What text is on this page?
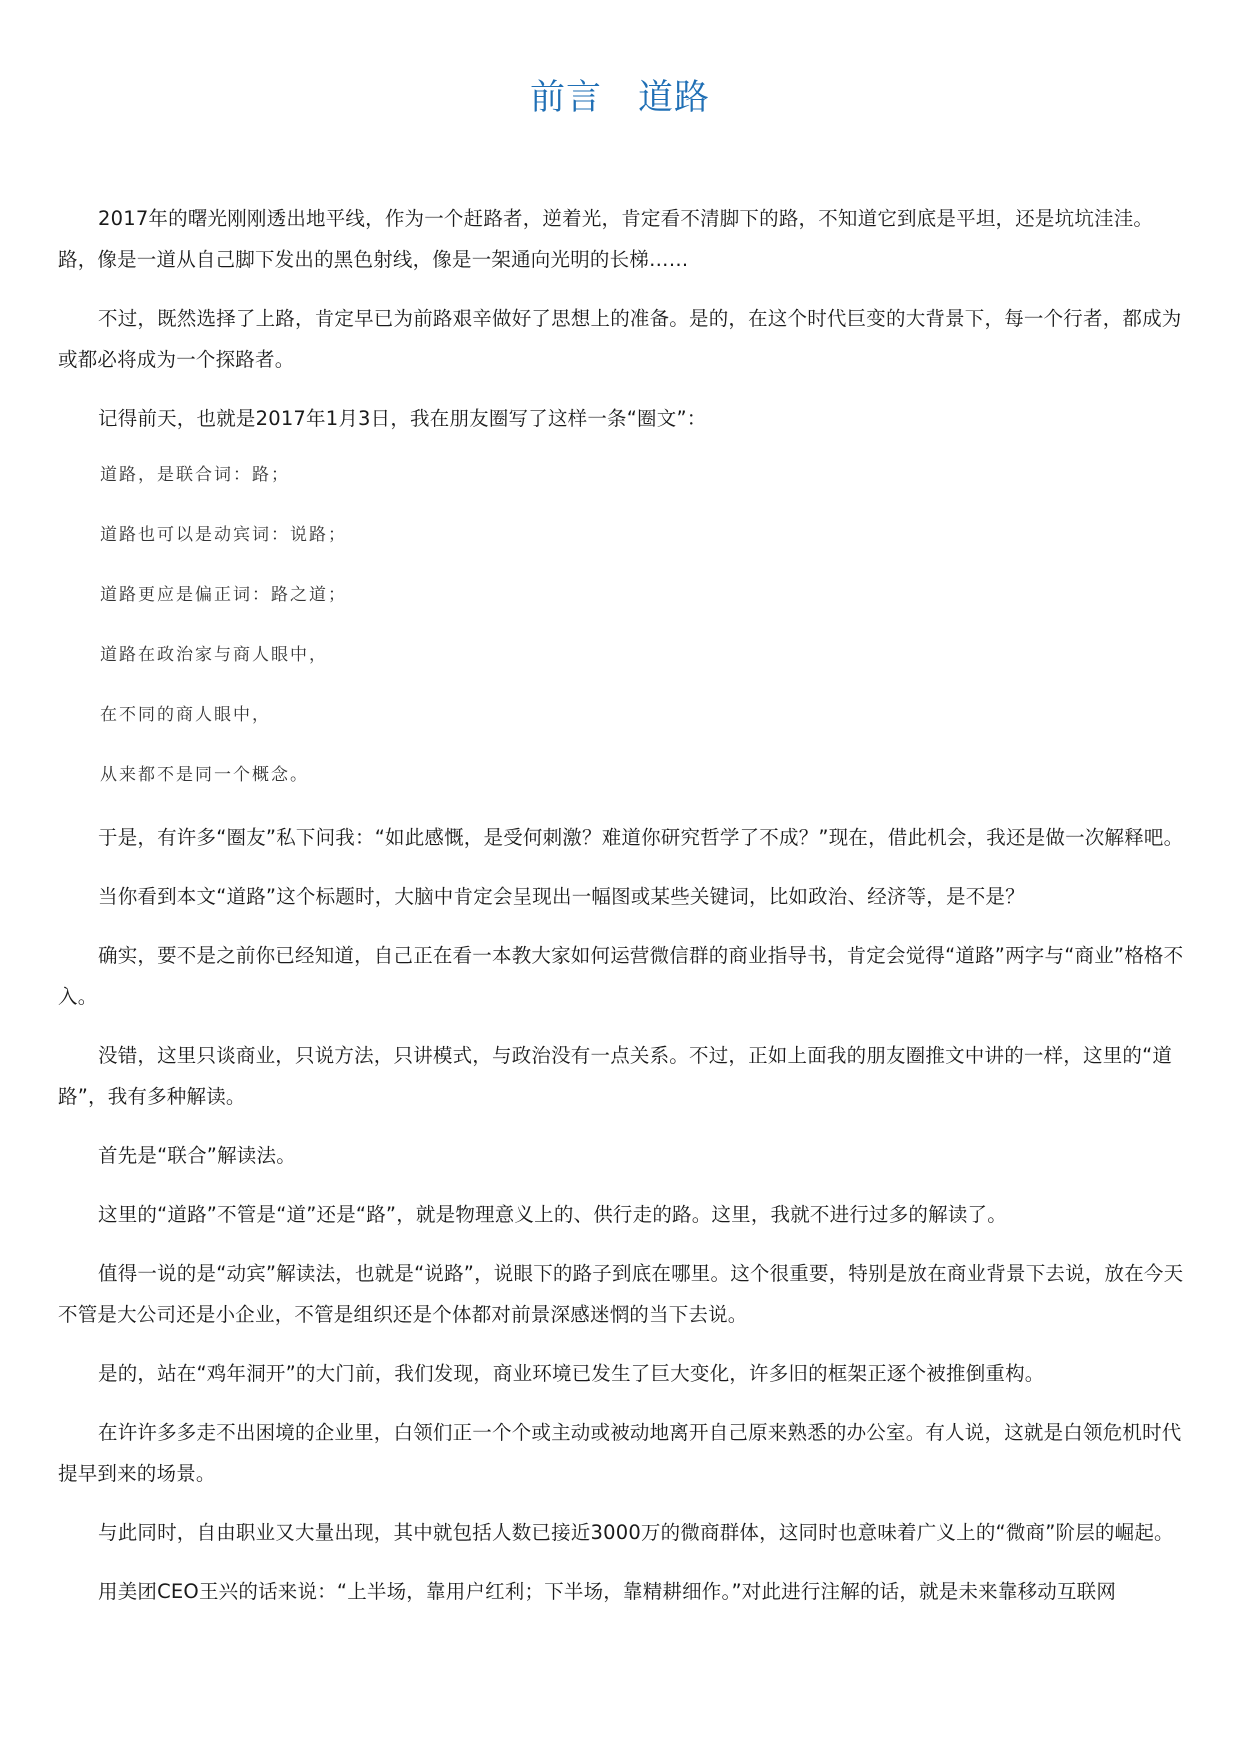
前言 道路

2017年的曙光刚刚透出地平线，作为一个赶路者，逆着光，肯定看不清脚下的路，不知道它到底是平坦，还是坑坑洼洼。路，像是一道从自己脚下发出的黑色射线，像是一架通向光明的长梯……

不过，既然选择了上路，肯定早已为前路艰辛做好了思想上的准备。是的，在这个时代巨变的大背景下，每一个行者，都成为或都必将成为一个探路者。

记得前天，也就是2017年1月3日，我在朋友圈写了这样一条“圈文”：

道路，是联合词：路；
道路也可以是动宾词：说路；
道路更应是偏正词：路之道；
道路在政治家与商人眼中，
在不同的商人眼中，
从来都不是同一个概念。

于是，有许多“圈友”私下问我：“如此感慨，是受何刺激？难道你研究哲学了不成？”现在，借此机会，我还是做一次解释吧。

当你看到本文“道路”这个标题时，大脑中肯定会呈现出一幅图或某些关键词，比如政治、经济等，是不是？

确实，要不是之前你已经知道，自己正在看一本教大家如何运营微信群的商业指导书，肯定会觉得“道路”两字与“商业”格格不入。

没错，这里只谈商业，只说方法，只讲模式，与政治没有一点关系。不过，正如上面我的朋友圈推文中讲的一样，这里的“道路”，我有多种解读。

首先是“联合”解读法。

这里的“道路”不管是“道”还是“路”，就是物理意义上的、供行走的路。这里，我就不进行过多的解读了。

值得一说的是“动宾”解读法，也就是“说路”，说眼下的路子到底在哪里。这个很重要，特别是放在商业背景下去说，放在今天不管是大公司还是小企业，不管是组织还是个体都对前景深感迷惘的当下去说。

是的，站在“鸡年洞开”的大门前，我们发现，商业环境已发生了巨大变化，许多旧的框架正逐个被推倒重构。

在许许多多走不出困境的企业里，白领们正一个个或主动或被动地离开自己原来熟悉的办公室。有人说，这就是白领危机时代提早到来的场景。

与此同时，自由职业又大量出现，其中就包括人数已接近3000万的微商群体，这同时也意味着广义上的“微商”阶层的崛起。

用美团CEO王兴的话来说：“上半场，靠用户红利；下半场，靠精耕细作。”对此进行注解的话，就是未来靠移动互联网
